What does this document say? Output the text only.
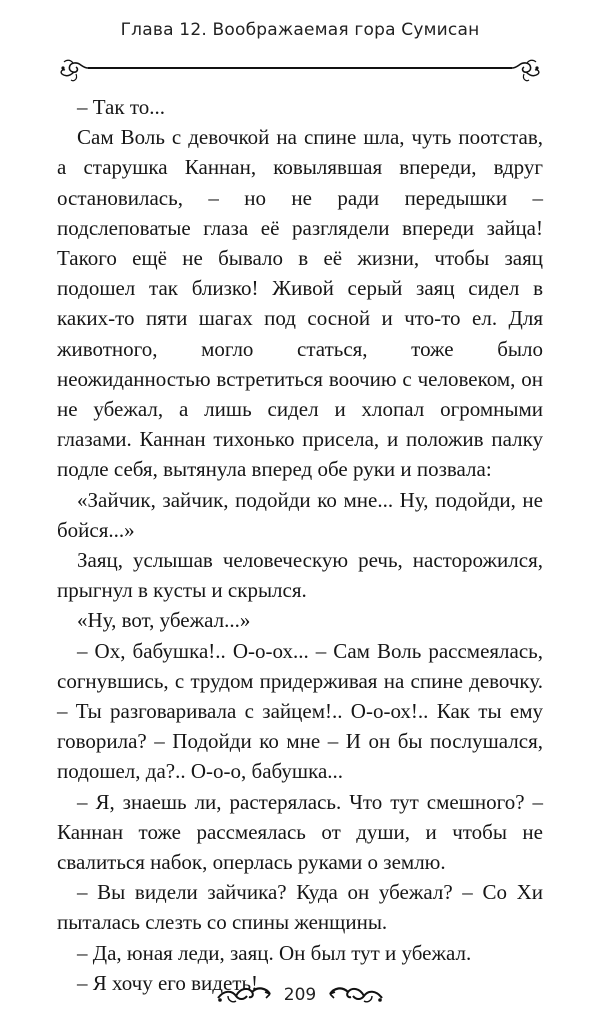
Глава 12. Воображаемая гора Сумисан

– Так то...

Сам Воль с девочкой на спине шла, чуть поотстав, а старушка Каннан, ковылявшая впереди, вдруг остановилась, – но не ради передышки – подслеповатые глаза её разглядели впереди зайца! Такого ещё не бывало в её жизни, чтобы заяц подошел так близко! Живой серый заяц сидел в каких-то пяти шагах под сосной и что-то ел. Для животного, могло статься, тоже было неожиданностью встретиться воочию с человеком, он не убежал, а лишь сидел и хлопал огромными глазами. Каннан тихонько присела, и положив палку подле себя, вытянула вперед обе руки и позвала:

«Зайчик, зайчик, подойди ко мне... Ну, подойди, не бойся...»

Заяц, услышав человеческую речь, насторожился, прыгнул в кусты и скрылся.

«Ну, вот, убежал...»

– Ох, бабушка!.. О-о-ох... – Сам Воль рассмеялась, согнувшись, с трудом придерживая на спине девочку. – Ты разговаривала с зайцем!.. О-о-ох!.. Как ты ему говорила? – Подойди ко мне – И он бы послушался, подошел, да?.. О-о-о, бабушка...

– Я, знаешь ли, растерялась. Что тут смешного? – Каннан тоже рассмеялась от души, и чтобы не свалиться набок, оперлась руками о землю.

– Вы видели зайчика? Куда он убежал? – Со Хи пыталась слезть со спины женщины.

– Да, юная леди, заяц. Он был тут и убежал.

– Я хочу его видеть!

209
